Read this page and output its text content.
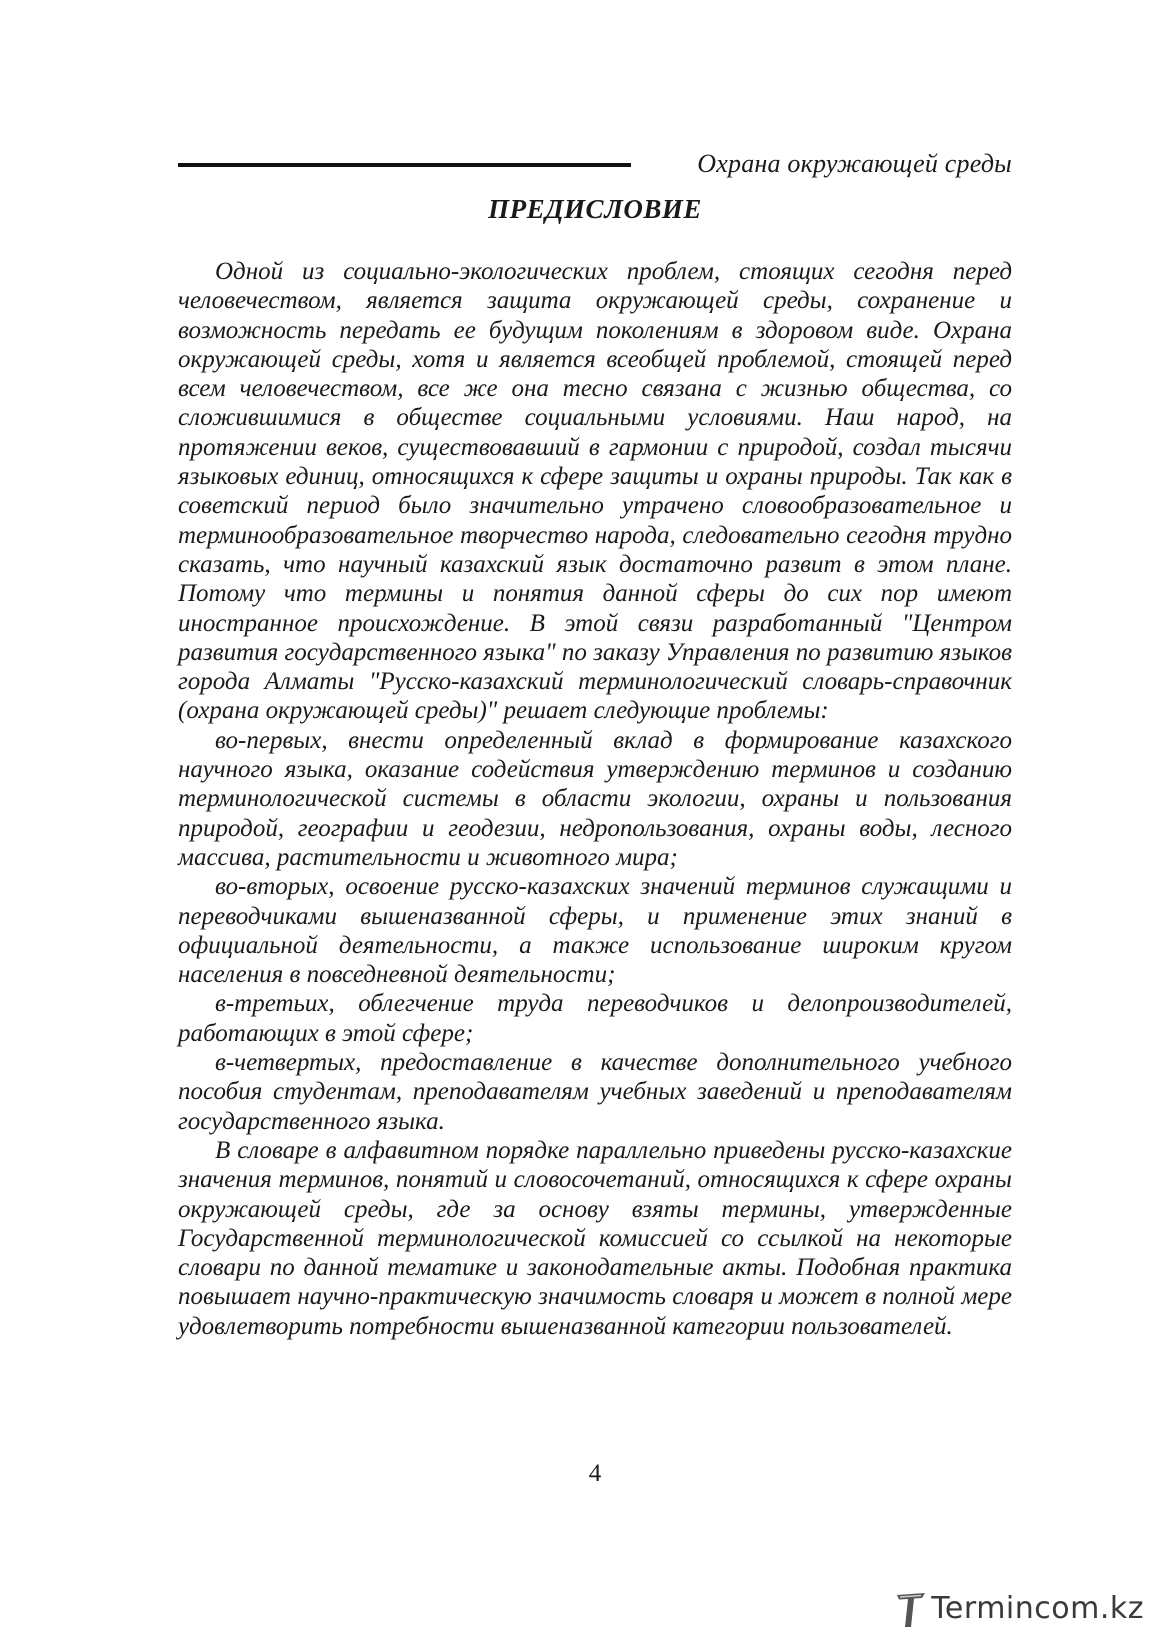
Охрана окружающей среды
ПРЕДИСЛОВИЕ

Одной из социально-экологических проблем, стоящих сегодня перед человечеством, является защита окружающей среды, сохранение и возможность передать ее будущим поколениям в здоровом виде. Охрана окружающей среды, хотя и является всеобщей проблемой, стоящей перед всем человечеством, все же она тесно связана с жизнью общества, со сложившимися в обществе социальными условиями. Наш народ, на протяжении веков, существовавший в гармонии с природой, создал тысячи языковых единиц, относящихся к сфере защиты и охраны природы. Так как в советский период было значительно утрачено словообразовательное и терминообразовательное творчество народа, следовательно сегодня трудно сказать, что научный казахский язык достаточно развит в этом плане. Потому что термины и понятия данной сферы до сих пор имеют иностранное происхождение. В этой связи разработанный "Центром развития государственного языка" по заказу Управления по развитию языков города Алматы "Русско-казахский терминологический словарь-справочник (охрана окружающей среды)" решает следующие проблемы:

во-первых, внести определенный вклад в формирование казахского научного языка, оказание содействия утверждению терминов и созданию терминологической системы в области экологии, охраны и пользования природой, географии и геодезии, недропользования, охраны воды, лесного массива, растительности и животного мира;

во-вторых, освоение русско-казахских значений терминов служащими и переводчиками вышеназванной сферы, и применение этих знаний в официальной деятельности, а также использование широким кругом населения в повседневной деятельности;

в-третьих, облегчение труда переводчиков и делопроизводителей, работающих в этой сфере;

в-четвертых, предоставление в качестве дополнительного учебного пособия студентам, преподавателям учебных заведений и преподавателям государственного языка.

В словаре в алфавитном порядке параллельно приведены русско-казахские значения терминов, понятий и словосочетаний, относящихся к сфере охраны окружающей среды, где за основу взяты термины, утвержденные Государственной терминологической комиссией со ссылкой на некоторые словари по данной тематике и законодательные акты. Подобная практика повышает научно-практическую значимость словаря и может в полной мере удовлетворить потребности вышеназванной категории пользователей.

4
Termincom.kz
